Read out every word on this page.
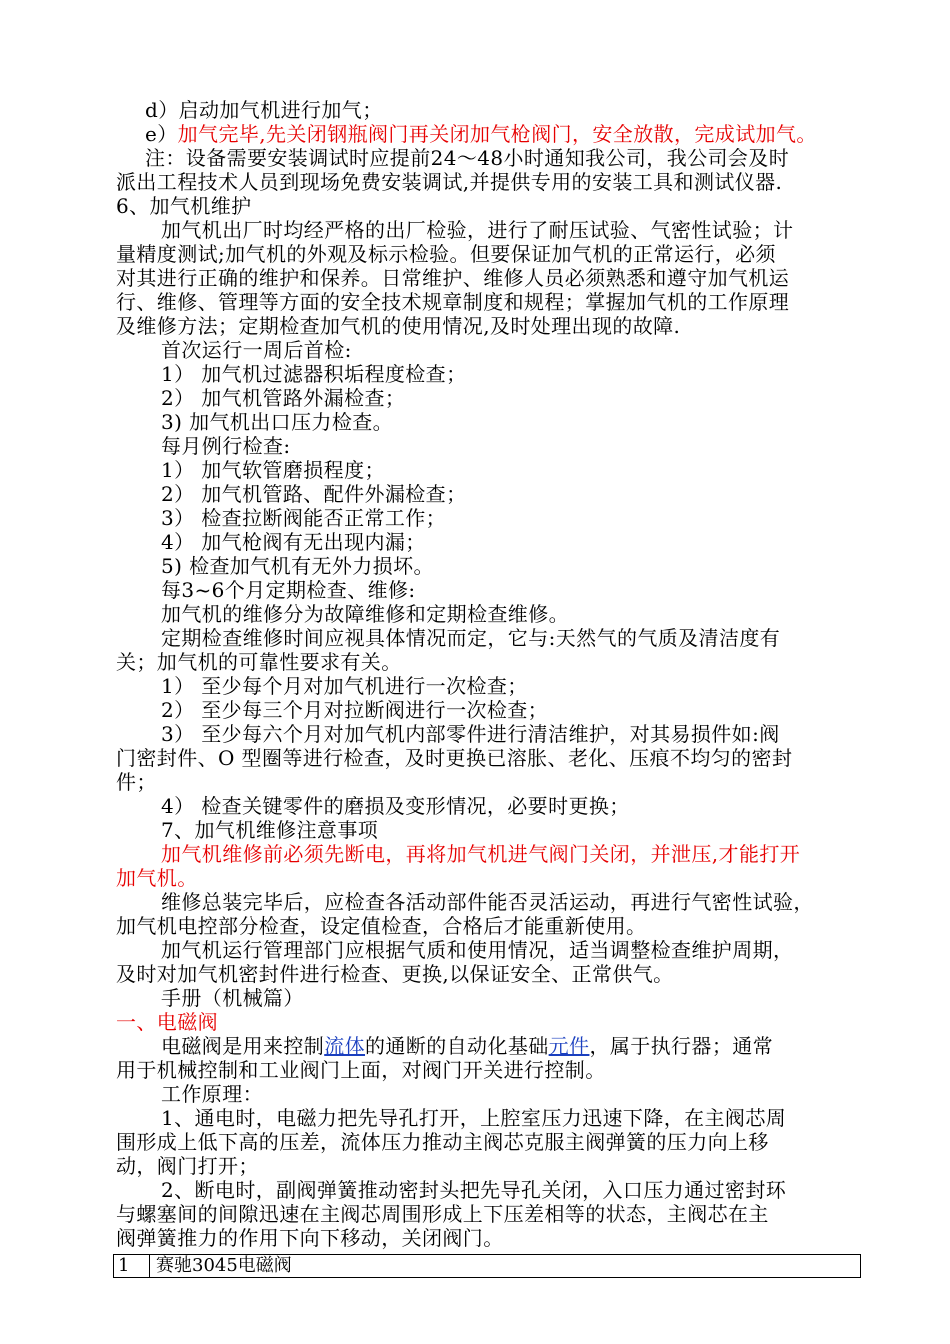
d）启动加气机进行加气；
e）加气完毕,先关闭钢瓶阀门再关闭加气枪阀门，安全放散，完成试加气。
注：设备需要安装调试时应提前24～48小时通知我公司，我公司会及时
派出工程技术人员到现场免费安装调试,并提供专用的安装工具和测试仪器.
6、加气机维护
加气机出厂时均经严格的出厂检验，进行了耐压试验、气密性试验；计
量精度测试;加气机的外观及标示检验。但要保证加气机的正常运行，必须
对其进行正确的维护和保养。日常维护、维修人员必须熟悉和遵守加气机运
行、维修、管理等方面的安全技术规章制度和规程；掌握加气机的工作原理
及维修方法；定期检查加气机的使用情况,及时处理出现的故障.
首次运行一周后首检:
1） 加气机过滤器积垢程度检查；
2） 加气机管路外漏检查；
3) 加气机出口压力检查。
每月例行检查:
1） 加气软管磨损程度；
2） 加气机管路、配件外漏检查；
3） 检查拉断阀能否正常工作；
4） 加气枪阀有无出现内漏；
5) 检查加气机有无外力损坏。
每3~6个月定期检查、维修:
加气机的维修分为故障维修和定期检查维修。
定期检查维修时间应视具体情况而定，它与:天然气的气质及清洁度有
关；加气机的可靠性要求有关。
1） 至少每个月对加气机进行一次检查；
2） 至少每三个月对拉断阀进行一次检查；
3） 至少每六个月对加气机内部零件进行清洁维护，对其易损件如:阀
门密封件、O 型圈等进行检查，及时更换已溶胀、老化、压痕不均匀的密封
件；
4） 检查关键零件的磨损及变形情况，必要时更换；
7、加气机维修注意事项
加气机维修前必须先断电，再将加气机进气阀门关闭，并泄压,才能打开
加气机。
维修总装完毕后，应检查各活动部件能否灵活运动，再进行气密性试验，
加气机电控部分检查，设定值检查，合格后才能重新使用。
加气机运行管理部门应根据气质和使用情况，适当调整检查维护周期，
及时对加气机密封件进行检查、更换,以保证安全、正常供气。
手册（机械篇）
一、电磁阀
电磁阀是用来控制流体的通断的自动化基础元件，属于执行器；通常
用于机械控制和工业阀门上面，对阀门开关进行控制。
工作原理：
1、通电时，电磁力把先导孔打开，上腔室压力迅速下降，在主阀芯周
围形成上低下高的压差，流体压力推动主阀芯克服主阀弹簧的压力向上移
动，阀门打开；
2、断电时，副阀弹簧推动密封头把先导孔关闭，入口压力通过密封环
与螺塞间的间隙迅速在主阀芯周围形成上下压差相等的状态，主阀芯在主
阀弹簧推力的作用下向下移动，关闭阀门。
1	赛驰3045电磁阀
